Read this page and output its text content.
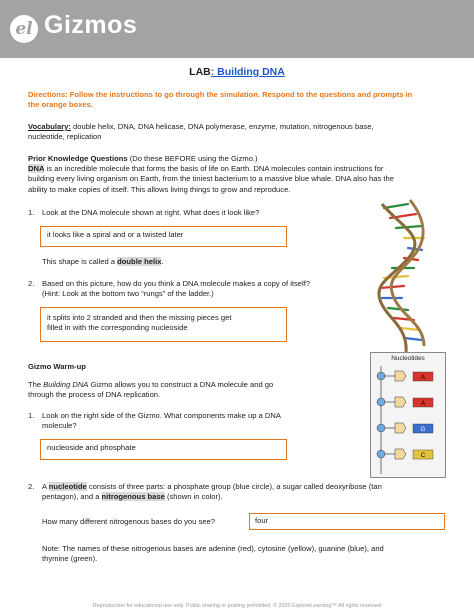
el Gizmos
LAB: Building DNA
Directions: Follow the instructions to go through the simulation. Respond to the questions and prompts in the orange boxes.
Vocabulary: double helix, DNA, DNA helicase, DNA polymerase, enzyme, mutation, nitrogenous base,
nucleotide, replication
Prior Knowledge Questions (Do these BEFORE using the Gizmo.)
DNA is an incredible molecule that forms the basis of life on Earth. DNA molecules contain instructions for
building every living organism on Earth, from the tiniest bacterium to a massive blue whale. DNA also has the
ability to make copies of itself. This allows living things to grow and reproduce.
1. Look at the DNA molecule shown at right. What does it look like?
it looks like a spiral and or a twisted later
This shape is called a double helix.
2. Based on this picture, how do you think a DNA molecule makes a copy of itself?
(Hint: Look at the bottom two “rungs” of the ladder.)
it splits into 2 stranded and then the missing pieces get
filled in with the corresponding nucleoside
Gizmo Warm-up
The Building DNA Gizmo allows you to construct a DNA molecule and go
through the process of DNA replication.
1. Look on the right side of the Gizmo. What components make up a DNA
molecule?
nucleoside and phosphate
Nucleotides
A
A
G
C
2. A nucleotide consists of three parts: a phosphate group (blue circle), a sugar called deoxyribose (tan
pentagon), and a nitrogenous base (shown in color).
How many different nitrogenous bases do you see?	four
Note: The names of these nitrogenous bases are adenine (red), cytosine (yellow), guanine (blue), and
thymine (green).
Reproduction for educational use only. Public sharing or posting prohibited. © 2020 ExploreLearning™ All rights reserved
